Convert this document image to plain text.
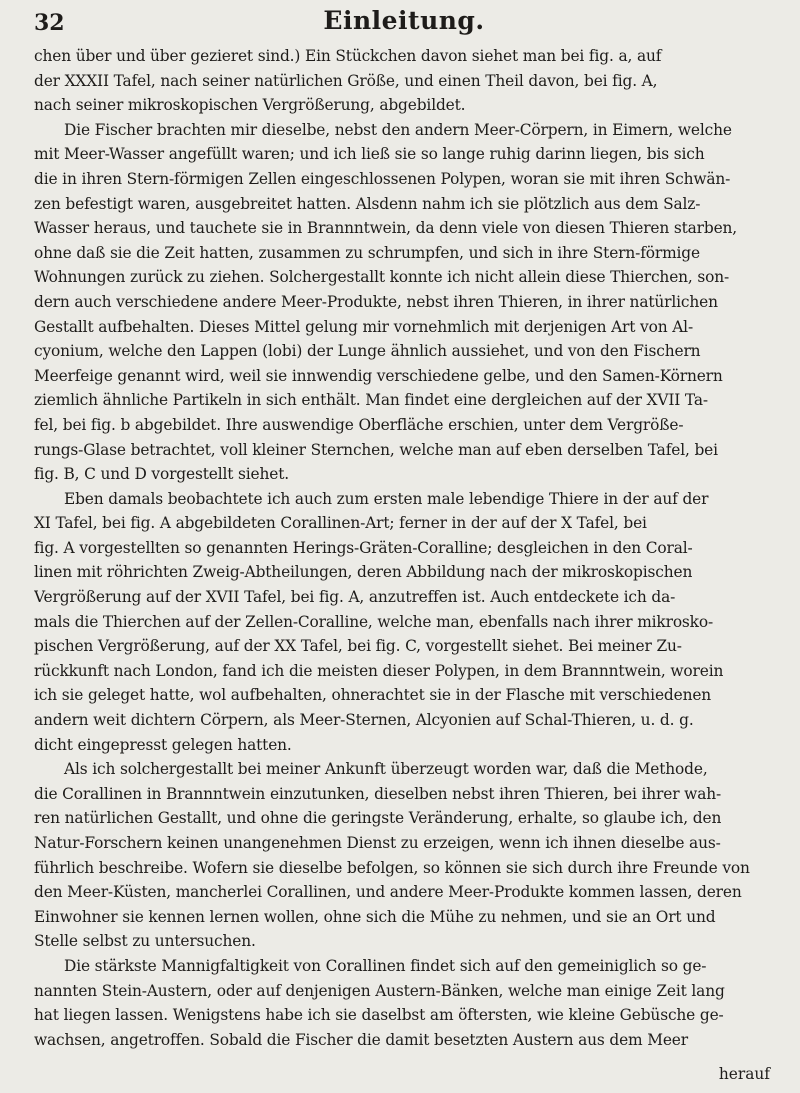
32	Einleitung.
chen über und über gezieret sind.) Ein Stückchen davon siehet man bei fig. a, auf
der XXXII Tafel, nach seiner natürlichen Größe, und einen Theil davon, bei fig. A,
nach seiner mikroskopischen Vergrößerung, abgebildet.
Die Fischer brachten mir dieselbe, nebst den andern Meer-Cörpern, in Eimern, welche
mit Meer-Wasser angefüllt waren; und ich ließ sie so lange ruhig darinn liegen, bis sich
die in ihren Stern-förmigen Zellen eingeschlossenen Polypen, woran sie mit ihren Schwän-
zen befestigt waren, ausgebreitet hatten. Alsdenn nahm ich sie plötzlich aus dem Salz-
Wasser heraus, und tauchete sie in Brannntwein, da denn viele von diesen Thieren starben,
ohne daß sie die Zeit hatten, zusammen zu schrumpfen, und sich in ihre Stern-förmige
Wohnungen zurück zu ziehen. Solchergestallt konnte ich nicht allein diese Thierchen, son-
dern auch verschiedene andere Meer-Produkte, nebst ihren Thieren, in ihrer natürlichen
Gestallt aufbehalten. Dieses Mittel gelung mir vornehmlich mit derjenigen Art von Al-
cyonium, welche den Lappen (lobi) der Lunge ähnlich aussiehet, und von den Fischern
Meerfeige genannt wird, weil sie innwendig verschiedene gelbe, und den Samen-Körnern
ziemlich ähnliche Partikeln in sich enthält. Man findet eine dergleichen auf der XVII Ta-
fel, bei fig. b abgebildet. Ihre auswendige Oberfläche erschien, unter dem Vergröße-
rungs-Glase betrachtet, voll kleiner Sternchen, welche man auf eben derselben Tafel, bei
fig. B, C und D vorgestellt siehet.
Eben damals beobachtete ich auch zum ersten male lebendige Thiere in der auf der
XI Tafel, bei fig. A abgebildeten Corallinen-Art; ferner in der auf der X Tafel, bei
fig. A vorgestellten so genannten Herings-Gräten-Coralline; desgleichen in den Coral-
linen mit röhrichten Zweig-Abtheilungen, deren Abbildung nach der mikroskopischen
Vergrößerung auf der XVII Tafel, bei fig. A, anzutreffen ist. Auch entdeckete ich da-
mals die Thierchen auf der Zellen-Coralline, welche man, ebenfalls nach ihrer mikrosko-
pischen Vergrößerung, auf der XX Tafel, bei fig. C, vorgestellt siehet. Bei meiner Zu-
rückkunft nach London, fand ich die meisten dieser Polypen, in dem Brannntwein, worein
ich sie geleget hatte, wol aufbehalten, ohnerachtet sie in der Flasche mit verschiedenen
andern weit dichtern Cörpern, als Meer-Sternen, Alcyonien auf Schal-Thieren, u. d. g.
dicht eingepresst gelegen hatten.
Als ich solchergestallt bei meiner Ankunft überzeugt worden war, daß die Methode,
die Corallinen in Brannntwein einzutunken, dieselben nebst ihren Thieren, bei ihrer wah-
ren natürlichen Gestallt, und ohne die geringste Veränderung, erhalte, so glaube ich, den
Natur-Forschern keinen unangenehmen Dienst zu erzeigen, wenn ich ihnen dieselbe aus-
führlich beschreibe. Wofern sie dieselbe befolgen, so können sie sich durch ihre Freunde von
den Meer-Küsten, mancherlei Corallinen, und andere Meer-Produkte kommen lassen, deren
Einwohner sie kennen lernen wollen, ohne sich die Mühe zu nehmen, und sie an Ort und
Stelle selbst zu untersuchen.
Die stärkste Mannigfaltigkeit von Corallinen findet sich auf den gemeiniglich so ge-
nannten Stein-Austern, oder auf denjenigen Austern-Bänken, welche man einige Zeit lang
hat liegen lassen. Wenigstens habe ich sie daselbst am öftersten, wie kleine Gebüsche ge-
wachsen, angetroffen. Sobald die Fischer die damit besetzten Austern aus dem Meer
herauf
